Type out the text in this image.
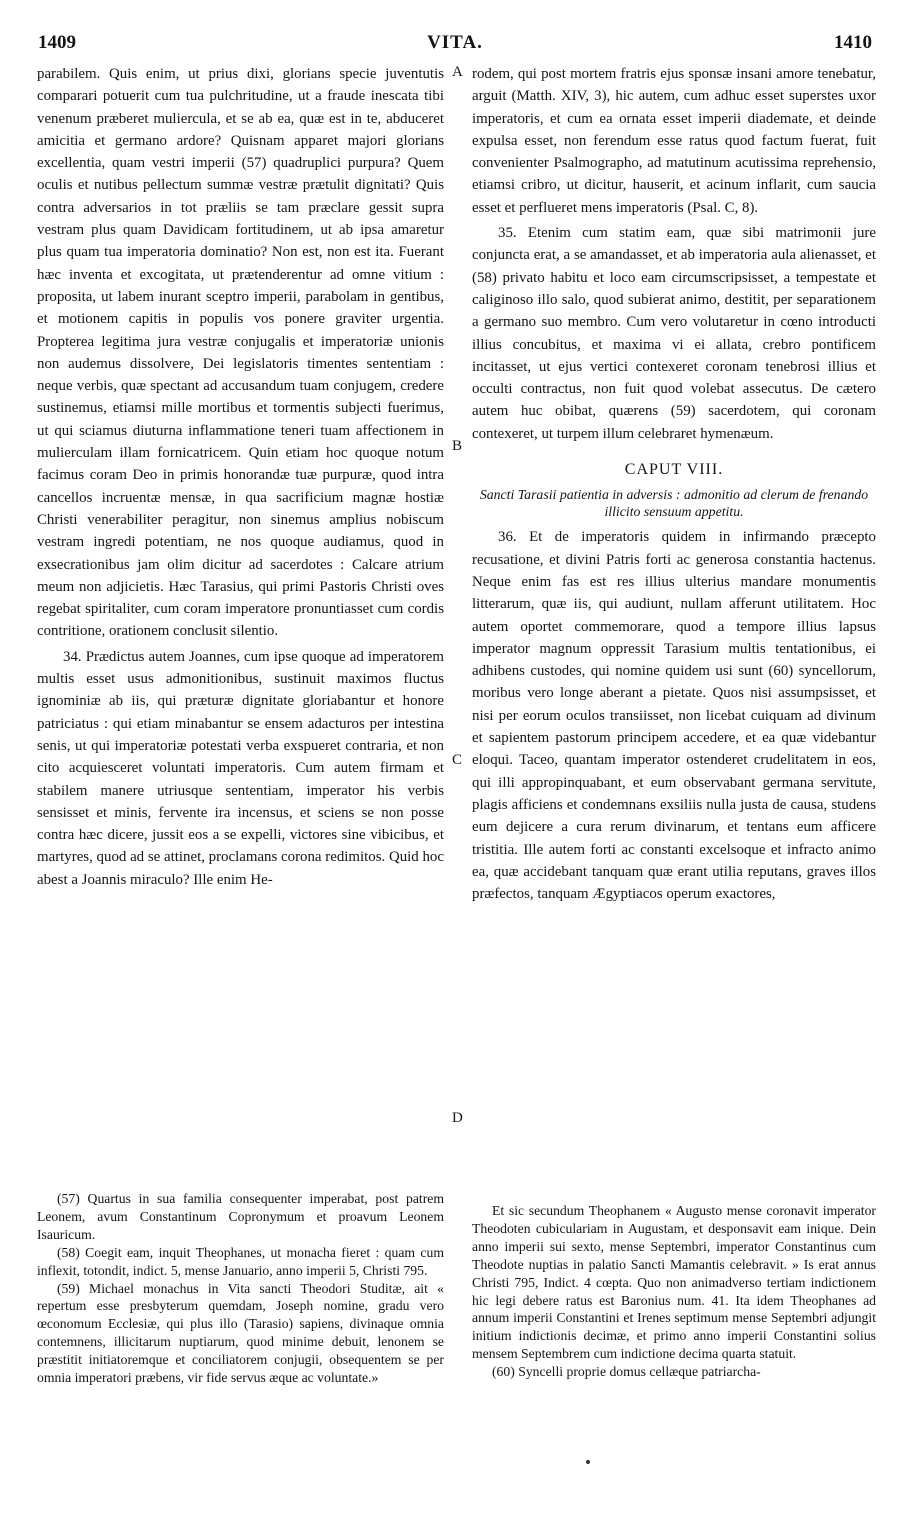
1409	VITA.	1410
A
B
C
D

parabilem. Quis enim, ut prius dixi, glorians specie juventutis comparari potuerit cum tua pulchritudine, ut a fraude inescata tibi venenum præberet muliercula, et se ab ea, quæ est in te, abduceret amicitia et germano ardore? Quisnam apparet majori glorians excellentia, quam vestri imperii (57) quadruplici purpura? Quem oculis et nutibus pellectum summæ vestræ prætulit dignitati? Quis contra adversarios in tot præliis se tam præclare gessit supra vestram plus quam Davidicam fortitudinem, ut ab ipsa amaretur plus quam tua imperatoria dominatio? Non est, non est ita. Fuerant hæc inventa et excogitata, ut prætenderentur ad omne vitium : proposita, ut labem inurant sceptro imperii, parabolam in gentibus, et motionem capitis in populis vos ponere graviter urgentia. Propterea legitima jura vestræ conjugalis et imperatoriæ unionis non audemus dissolvere, Dei legislatoris timentes sententiam : neque verbis, quæ spectant ad accusandum tuam conjugem, credere sustinemus, etiamsi mille mortibus et tormentis subjecti fuerimus, ut qui sciamus diuturna inflammatione teneri tuam affectionem in mulierculam illam fornicatricem. Quin etiam hoc quoque notum facimus coram Deo in primis honorandæ tuæ purpuræ, quod intra cancellos incruentæ mensæ, in qua sacrificium magnæ hostiæ Christi venerabiliter peragitur, non sinemus amplius nobiscum vestram ingredi potentiam, ne nos quoque audiamus, quod in exsecrationibus jam olim dicitur ad sacerdotes : Calcare atrium meum non adjicietis. Hæc Tarasius, qui primi Pastoris Christi oves regebat spiritaliter, cum coram imperatore pronuntiasset cum cordis contritione, orationem conclusit silentio.

34. Prædictus autem Joannes, cum ipse quoque ad imperatorem multis esset usus admonitionibus, sustinuit maximos fluctus ignominiæ ab iis, qui præturæ dignitate gloriabantur et honore patriciatus : qui etiam minabantur se ensem adacturos per intestina senis, ut qui imperatoriæ potestati verba exspueret contraria, et non cito acquiesceret voluntati imperatoris. Cum autem firmam et stabilem manere utriusque sententiam, imperator his verbis sensisset et minis, fervente ira incensus, et sciens se non posse contra hæc dicere, jussit eos a se expelli, victores sine vibicibus, et martyres, quod ad se attinet, proclamans corona redimitos. Quid hoc abest a Joannis miraculo? Ille enim He-

rodem, qui post mortem fratris ejus sponsæ insani amore tenebatur, arguit (Matth. XIV, 3), hic autem, cum adhuc esset superstes uxor imperatoris, et cum ea ornata esset imperii diademate, et deinde expulsa esset, non ferendum esse ratus quod factum fuerat, fuit convenienter Psalmographo, ad matutinum acutissima reprehensio, etiamsi cribro, ut dicitur, hauserit, et acinum inflarit, cum saucia esset et perflueret mens imperatoris (Psal. C, 8).

35. Etenim cum statim eam, quæ sibi matrimonii jure conjuncta erat, a se amandasset, et ab imperatoria aula alienasset, et (58) privato habitu et loco eam circumscripsisset, a tempestate et caliginoso illo salo, quod subierat animo, destitit, per separationem a germano suo membro. Cum vero volutaretur in cœno introducti illius concubitus, et maxima vi ei allata, crebro pontificem incitasset, ut ejus vertici contexeret coronam tenebrosi illius et occulti contractus, non fuit quod volebat assecutus. De cætero autem huc obibat, quærens (59) sacerdotem, qui coronam contexeret, ut turpem illum celebraret hymenæum.

CAPUT VIII.

Sancti Tarasii patientia in adversis : admonitio ad clerum de frenando illicito sensuum appetitu.

36. Et de imperatoris quidem in infirmando præcepto recusatione, et divini Patris forti ac generosa constantia hactenus. Neque enim fas est res illius ulterius mandare monumentis litterarum, quæ iis, qui audiunt, nullam afferunt utilitatem. Hoc autem oportet commemorare, quod a tempore illius lapsus imperator magnum oppressit Tarasium multis tentationibus, ei adhibens custodes, qui nomine quidem usi sunt (60) syncellorum, moribus vero longe aberant a pietate. Quos nisi assumpsisset, et nisi per eorum oculos transiisset, non licebat cuiquam ad divinum et sapientem pastorum principem accedere, et ea quæ videbantur eloqui. Taceo, quantam imperator ostenderet crudelitatem in eos, qui illi appropinquabant, et eum observabant germana servitute, plagis afficiens et condemnans exsiliis nulla justa de causa, studens eum dejicere a cura rerum divinarum, et tentans eum afficere tristitia. Ille autem forti ac constanti excelsoque et infracto animo ea, quæ accidebant tanquam quæ erant utilia reputans, graves illos præfectos, tanquam Ægyptiacos operum exactores,

(57) Quartus in sua familia consequenter imperabat, post patrem Leonem, avum Constantinum Copronymum et proavum Leonem Isauricum.

(58) Coegit eam, inquit Theophanes, ut monacha fieret : quam cum inflexit, totondit, indict. 5, mense Januario, anno imperii 5, Christi 795.

(59) Michael monachus in Vita sancti Theodori Studitæ, ait « repertum esse presbyterum quemdam, Joseph nomine, gradu vero œconomum Ecclesiæ, qui plus illo (Tarasio) sapiens, divinaque omnia contemnens, illicitarum nuptiarum, quod minime debuit, lenonem se præstitit initiatoremque et conciliatorem conjugii, obsequentem se per omnia imperatori præbens, vir fide servus æque ac voluntate.»

Et sic secundum Theophanem « Augusto mense coronavit imperator Theodoten cubiculariam in Augustam, et desponsavit eam inique. Dein anno imperii sui sexto, mense Septembri, imperator Constantinus cum Theodote nuptias in palatio Sancti Mamantis celebravit. » Is erat annus Christi 795, Indict. 4 cœpta. Quo non animadverso tertiam indictionem hic legi debere ratus est Baronius num. 41. Ita idem Theophanes ad annum imperii Constantini et Irenes septimum mense Septembri adjungit initium indictionis decimæ, et primo anno imperii Constantini solius mensem Septembrem cum indictione decima quarta statuit.

(60) Syncelli proprie domus cellæque patriarcha-
